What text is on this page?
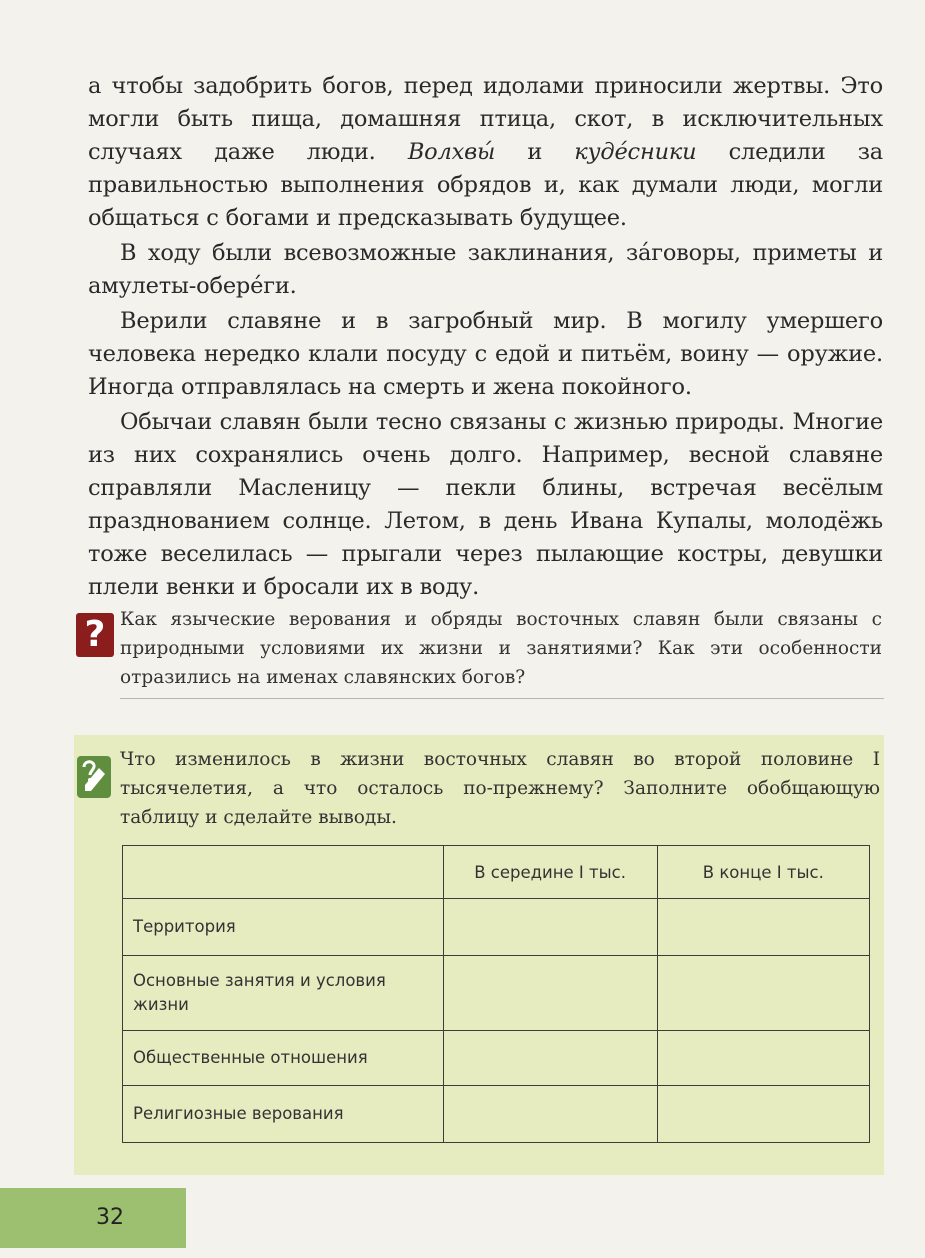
а чтобы задобрить богов, перед идолами приносили жертвы. Это могли быть пища, домашняя птица, скот, в исключительных случаях даже люди. Волхвы́ и куде́сники следили за правильностью выполнения обрядов и, как думали люди, могли общаться с богами и предсказывать будущее.

В ходу были всевозможные заклинания, за́говоры, приметы и амулеты-обере́ги.

Верили славяне и в загробный мир. В могилу умершего человека нередко клали посуду с едой и питьём, воину — оружие. Иногда отправлялась на смерть и жена покойного.

Обычаи славян были тесно связаны с жизнью природы. Многие из них сохранялись очень долго. Например, весной славяне справляли Масленицу — пекли блины, встречая весёлым празднованием солнце. Летом, в день Ивана Купалы, молодёжь тоже веселилась — прыгали через пылающие костры, девушки плели венки и бросали их в воду.

? Как языческие верования и обряды восточных славян были связаны с природными условиями их жизни и занятиями? Как эти особенности отразились на именах славянских богов?
Что изменилось в жизни восточных славян во второй половине I тысячелетия, а что осталось по-прежнему? Заполните обобщающую таблицу и сделайте выводы.
	В середине I тыс.	В конце I тыс.
Территория		
Основные занятия и условия жизни		
Общественные отношения		
Религиозные верования		
32
